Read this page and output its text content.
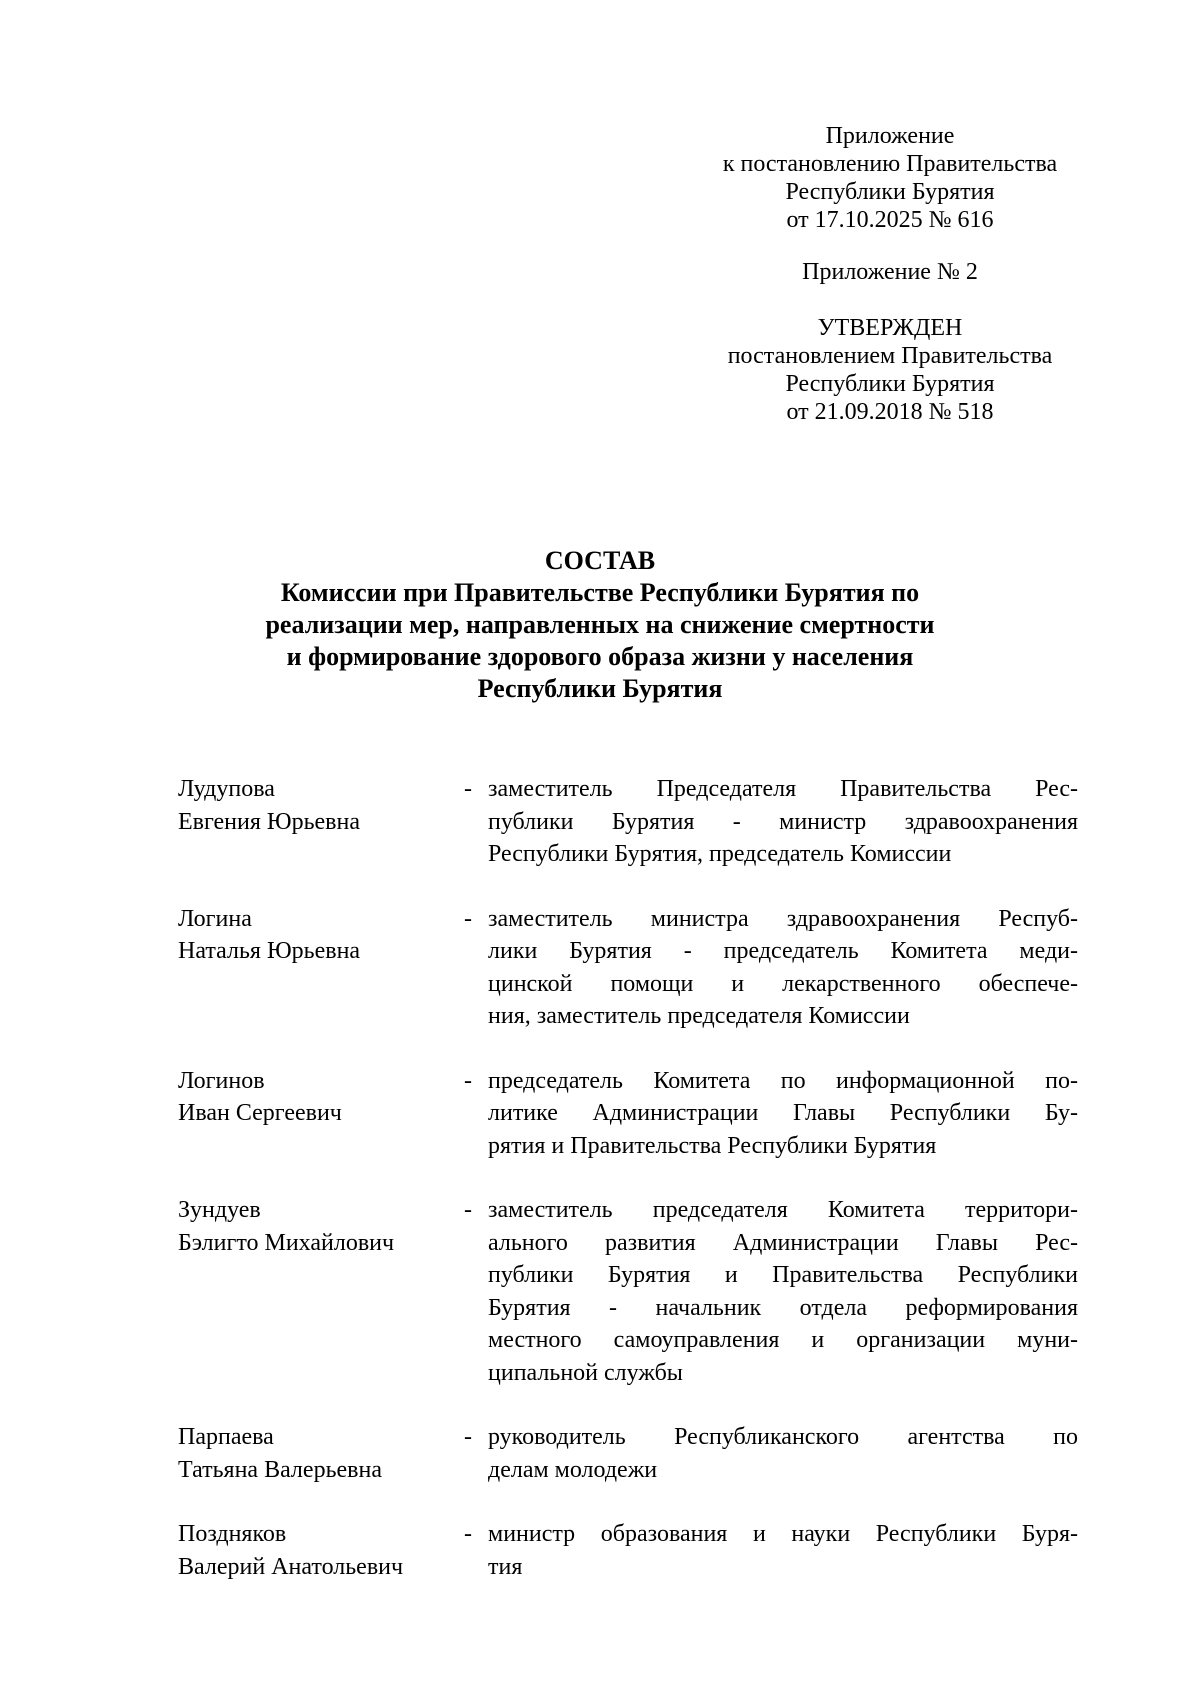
Приложение
к постановлению Правительства
Республики Бурятия
от 17.10.2025 № 616
Приложение № 2
УТВЕРЖДЕН
постановлением Правительства
Республики Бурятия
от 21.09.2018 № 518
СОСТАВ
Комиссии при Правительстве Республики Бурятия по
реализации мер, направленных на снижение смертности
и формирование здорового образа жизни у населения
Республики Бурятия
Лудупова
Евгения Юрьевна
- заместитель Председателя Правительства Рес-
публики Бурятия - министр здравоохранения
Республики Бурятия, председатель Комиссии
Логина
Наталья Юрьевна
- заместитель министра здравоохранения Респуб-
лики Бурятия - председатель Комитета меди-
цинской помощи и лекарственного обеспече-
ния, заместитель председателя Комиссии
Логинов
Иван Сергеевич
- председатель Комитета по информационной по-
литике Администрации Главы Республики Бу-
рятия и Правительства Республики Бурятия
Зундуев
Бэлигто Михайлович
- заместитель председателя Комитета территори-
ального развития Администрации Главы Рес-
публики Бурятия и Правительства Республики
Бурятия - начальник отдела реформирования
местного самоуправления и организации муни-
ципальной службы
Парпаева
Татьяна Валерьевна
- руководитель Республиканского агентства по
делам молодежи
Поздняков
Валерий Анатольевич
- министр образования и науки Республики Буря-
тия
